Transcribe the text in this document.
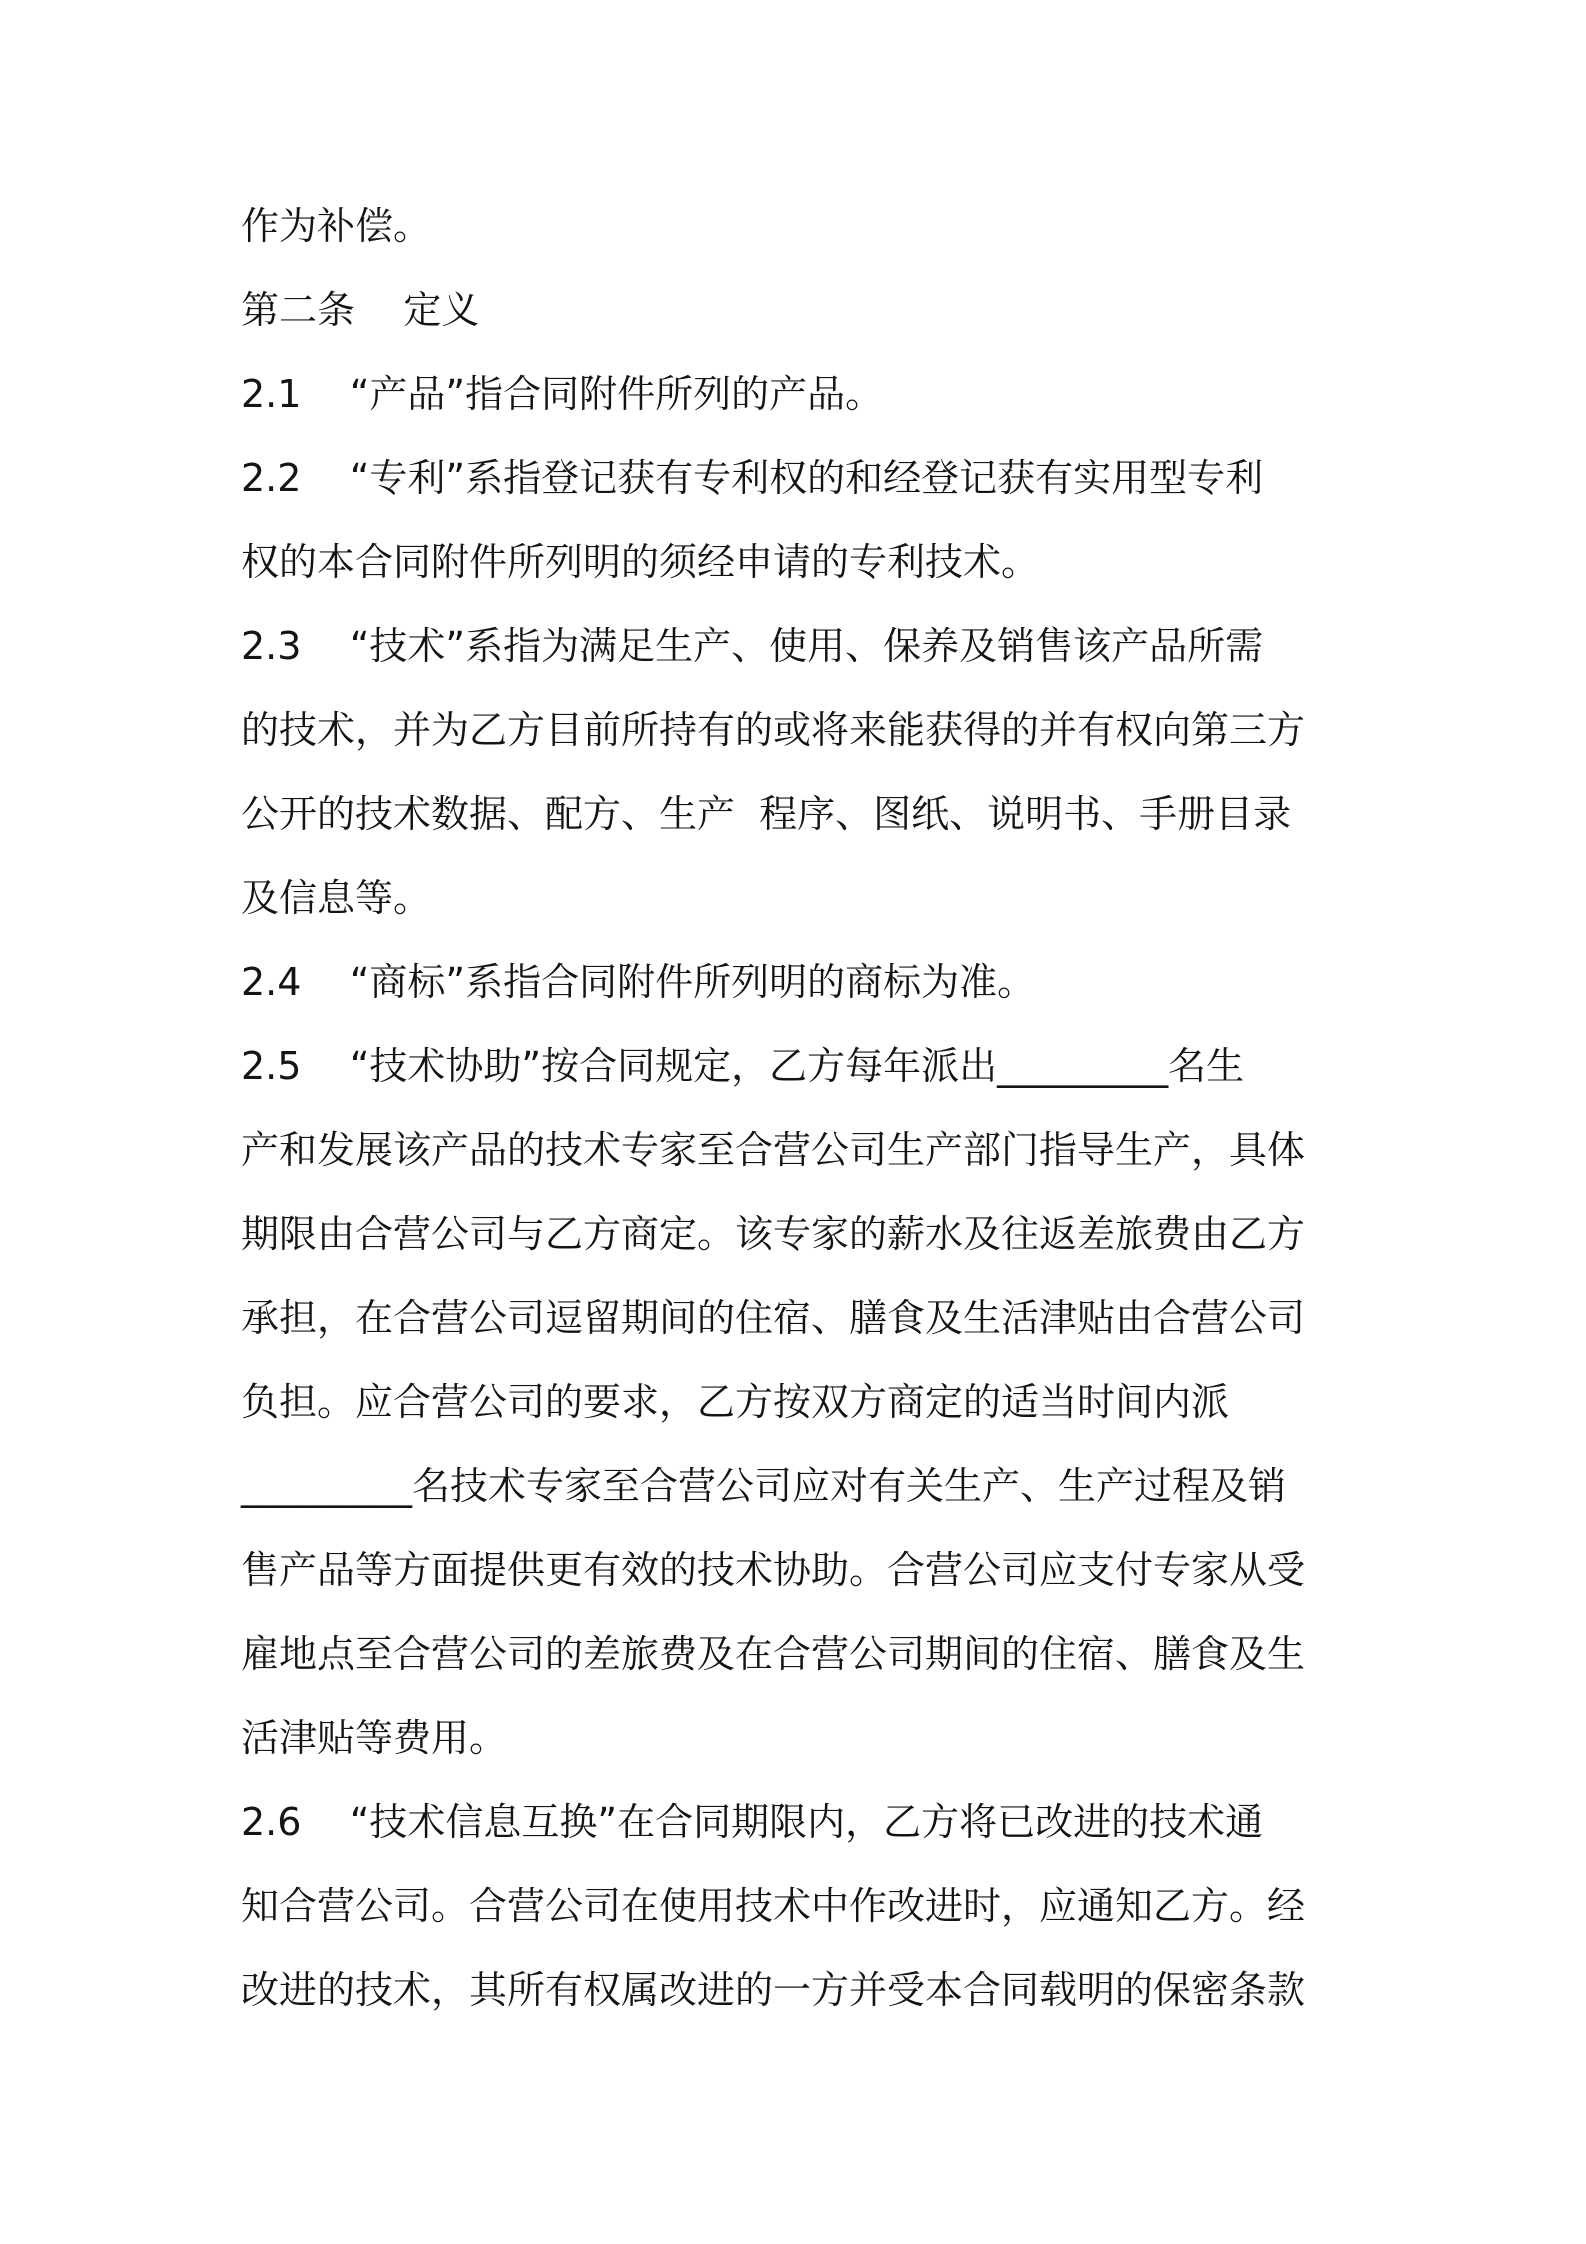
作为补偿。
第二条    定义
2.1    “产品”指合同附件所列的产品。
2.2    “专利”系指登记获有专利权的和经登记获有实用型专利
权的本合同附件所列明的须经申请的专利技术。
2.3    “技术”系指为满足生产、使用、保养及销售该产品所需
的技术，并为乙方目前所持有的或将来能获得的并有权向第三方
公开的技术数据、配方、生产  程序、图纸、说明书、手册目录
及信息等。
2.4    “商标”系指合同附件所列明的商标为准。
2.5    “技术协助”按合同规定，乙方每年派出_________名生
产和发展该产品的技术专家至合营公司生产部门指导生产，具体
期限由合营公司与乙方商定。该专家的薪水及往返差旅费由乙方
承担，在合营公司逗留期间的住宿、膳食及生活津贴由合营公司
负担。应合营公司的要求，乙方按双方商定的适当时间内派
_________名技术专家至合营公司应对有关生产、生产过程及销
售产品等方面提供更有效的技术协助。合营公司应支付专家从受
雇地点至合营公司的差旅费及在合营公司期间的住宿、膳食及生
活津贴等费用。
2.6    “技术信息互换”在合同期限内，乙方将已改进的技术通
知合营公司。合营公司在使用技术中作改进时，应通知乙方。经
改进的技术，其所有权属改进的一方并受本合同载明的保密条款
